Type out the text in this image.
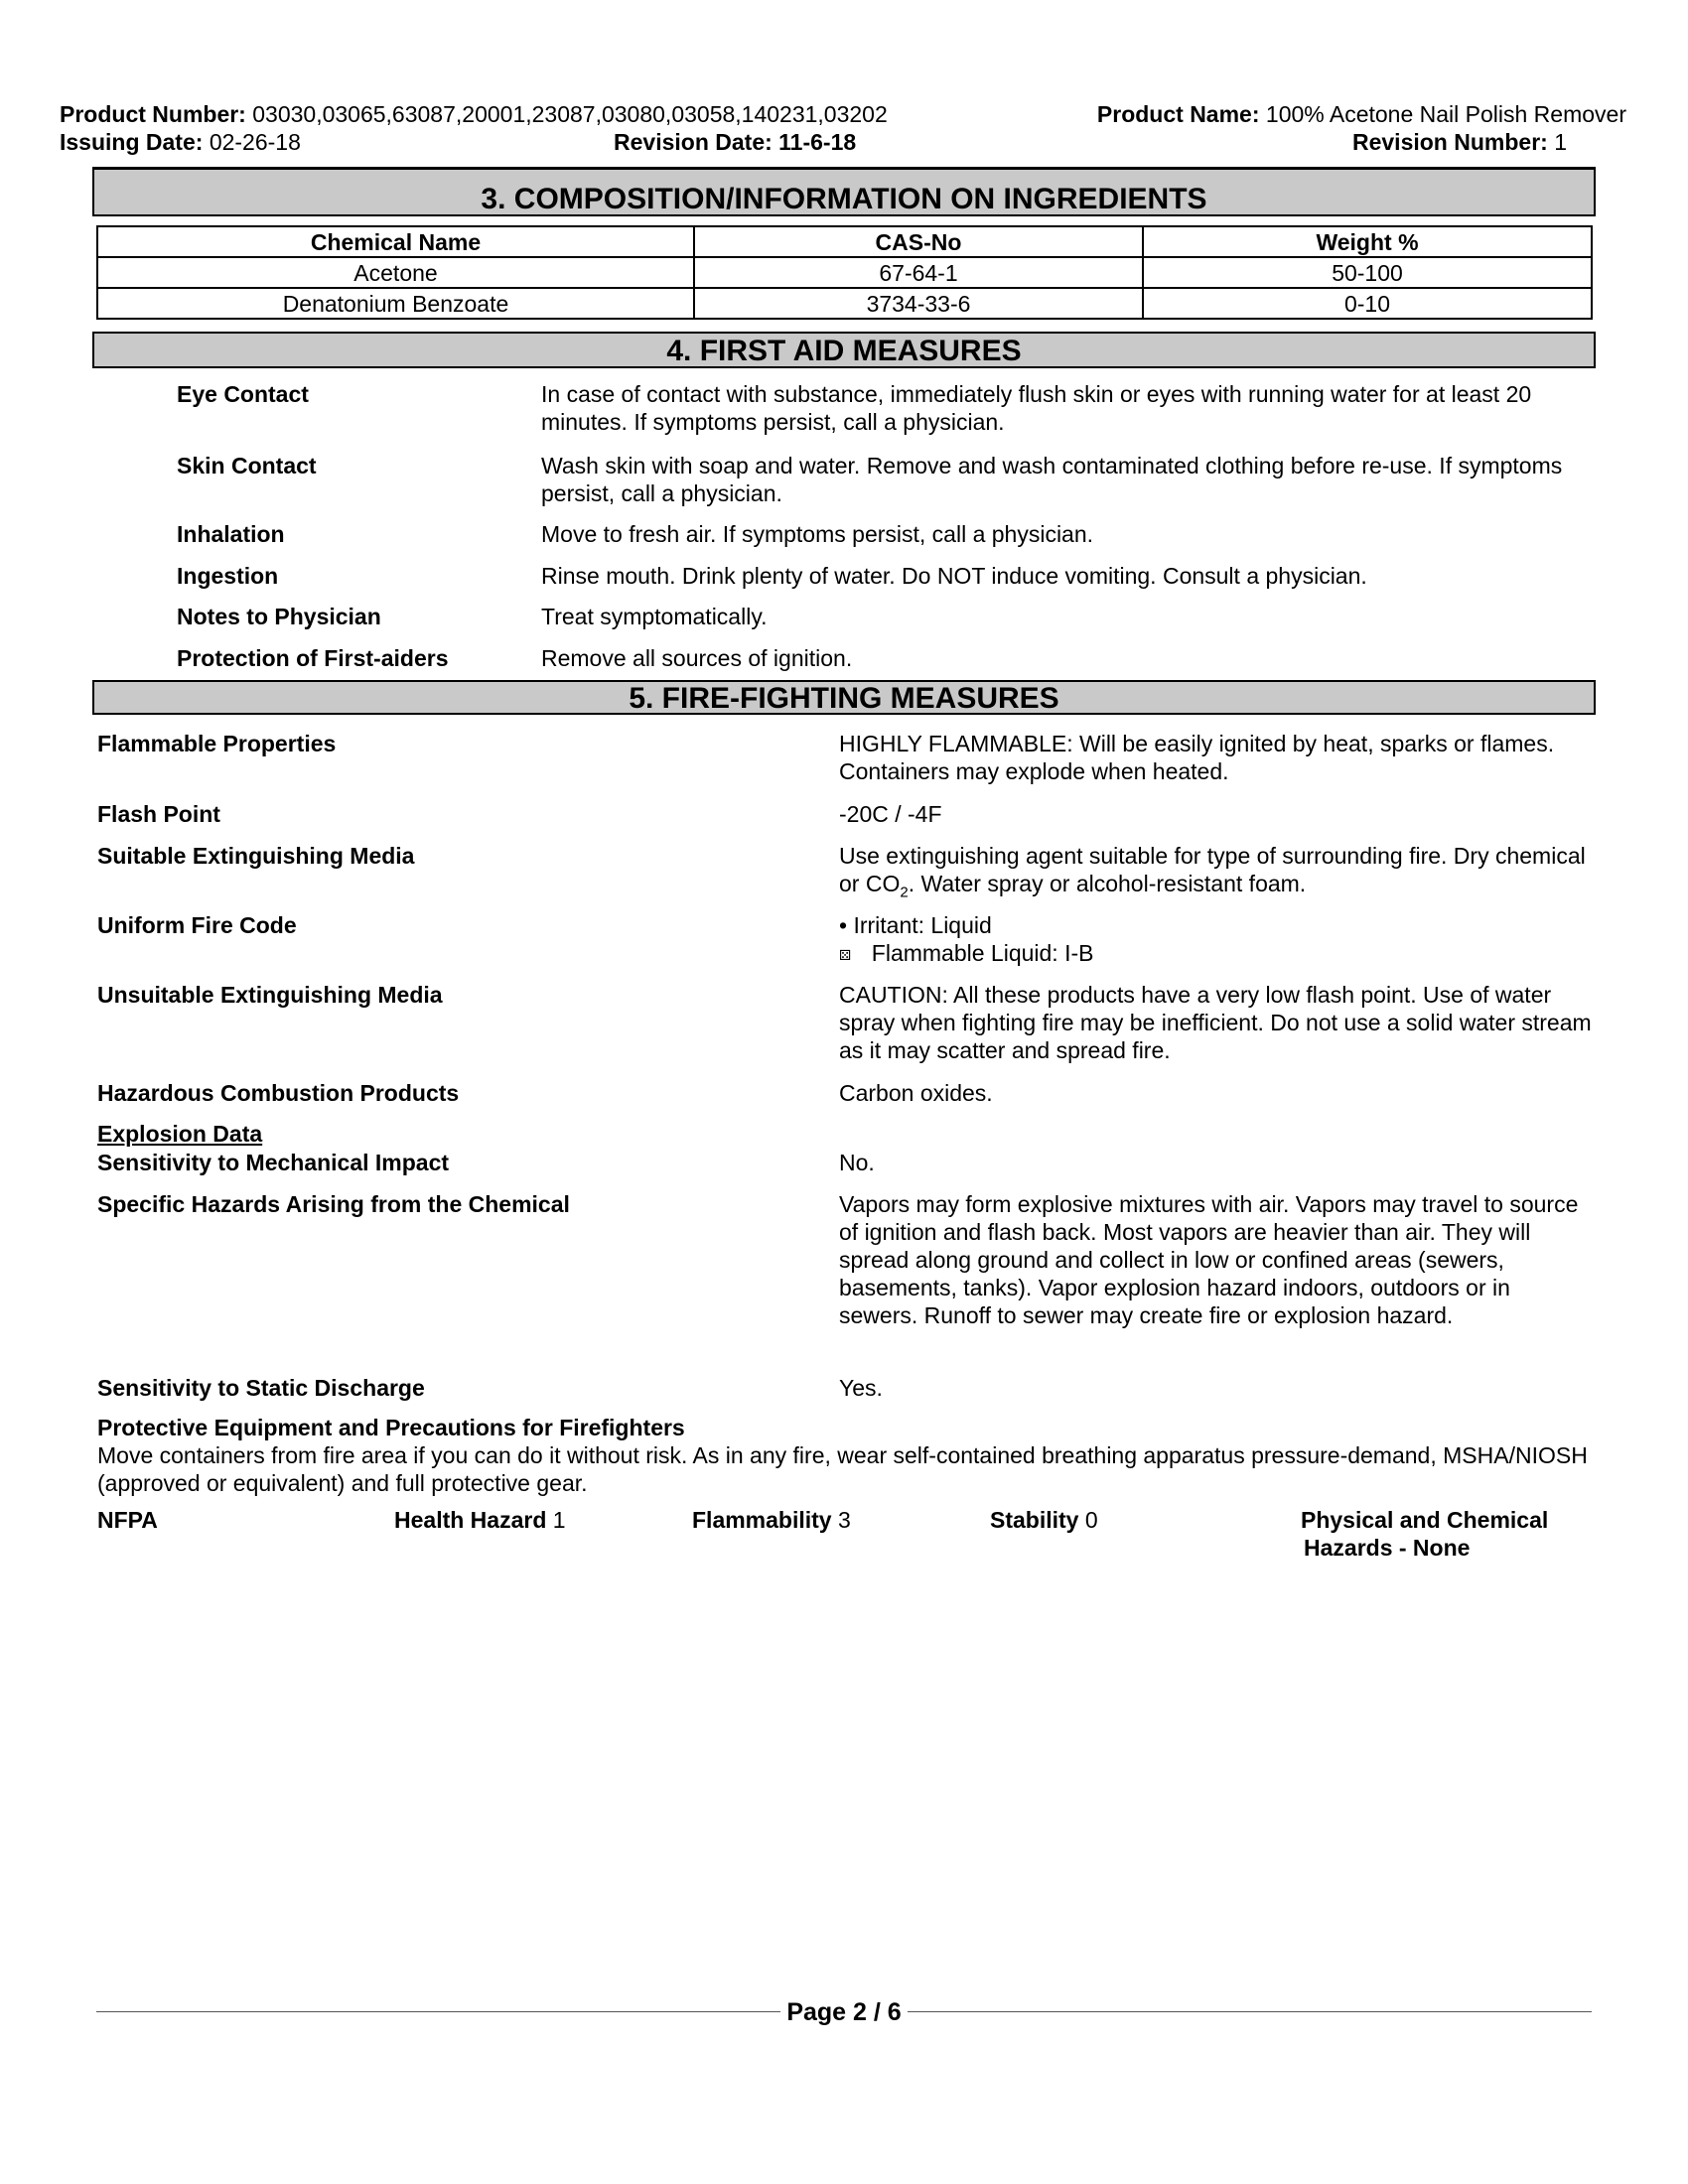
Product Number: 03030,03065,63087,20001,23087,03080,03058,140231,03202	Product Name: 100% Acetone Nail Polish Remover
Issuing Date: 02-26-18	Revision Date: 11-6-18	Revision Number: 1
3. COMPOSITION/INFORMATION ON INGREDIENTS
Chemical Name	CAS-No	Weight %
Acetone	67-64-1	50-100
Denatonium Benzoate	3734-33-6	0-10
4. FIRST AID MEASURES
Eye Contact	In case of contact with substance, immediately flush skin or eyes with running water for at least 20 minutes. If symptoms persist, call a physician.
Skin Contact	Wash skin with soap and water. Remove and wash contaminated clothing before re-use. If symptoms persist, call a physician.
Inhalation	Move to fresh air. If symptoms persist, call a physician.
Ingestion	Rinse mouth. Drink plenty of water. Do NOT induce vomiting. Consult a physician.
Notes to Physician	Treat symptomatically.
Protection of First-aiders	Remove all sources of ignition.
5. FIRE-FIGHTING MEASURES
Flammable Properties	HIGHLY FLAMMABLE: Will be easily ignited by heat, sparks or flames. Containers may explode when heated.
Flash Point	-20C / -4F
Suitable Extinguishing Media	Use extinguishing agent suitable for type of surrounding fire. Dry chemical or $CO_2$. Water spray or alcohol-resistant foam.
Uniform Fire Code	• Irritant: Liquid
⚄ Flammable Liquid: I-B
Unsuitable Extinguishing Media	CAUTION: All these products have a very low flash point. Use of water spray when fighting fire may be inefficient. Do not use a solid water stream as it may scatter and spread fire.
Hazardous Combustion Products	Carbon oxides.
Explosion Data
Sensitivity to Mechanical Impact	No.
Specific Hazards Arising from the Chemical	Vapors may form explosive mixtures with air. Vapors may travel to source of ignition and flash back. Most vapors are heavier than air. They will spread along ground and collect in low or confined areas (sewers, basements, tanks). Vapor explosion hazard indoors, outdoors or in sewers. Runoff to sewer may create fire or explosion hazard.
Sensitivity to Static Discharge	Yes.
Protective Equipment and Precautions for Firefighters
Move containers from fire area if you can do it without risk. As in any fire, wear self-contained breathing apparatus pressure-demand, MSHA/NIOSH (approved or equivalent) and full protective gear.
NFPA	Health Hazard 1	Flammability 3	Stability 0	Physical and Chemical
Hazards - None
Page 2 / 6
